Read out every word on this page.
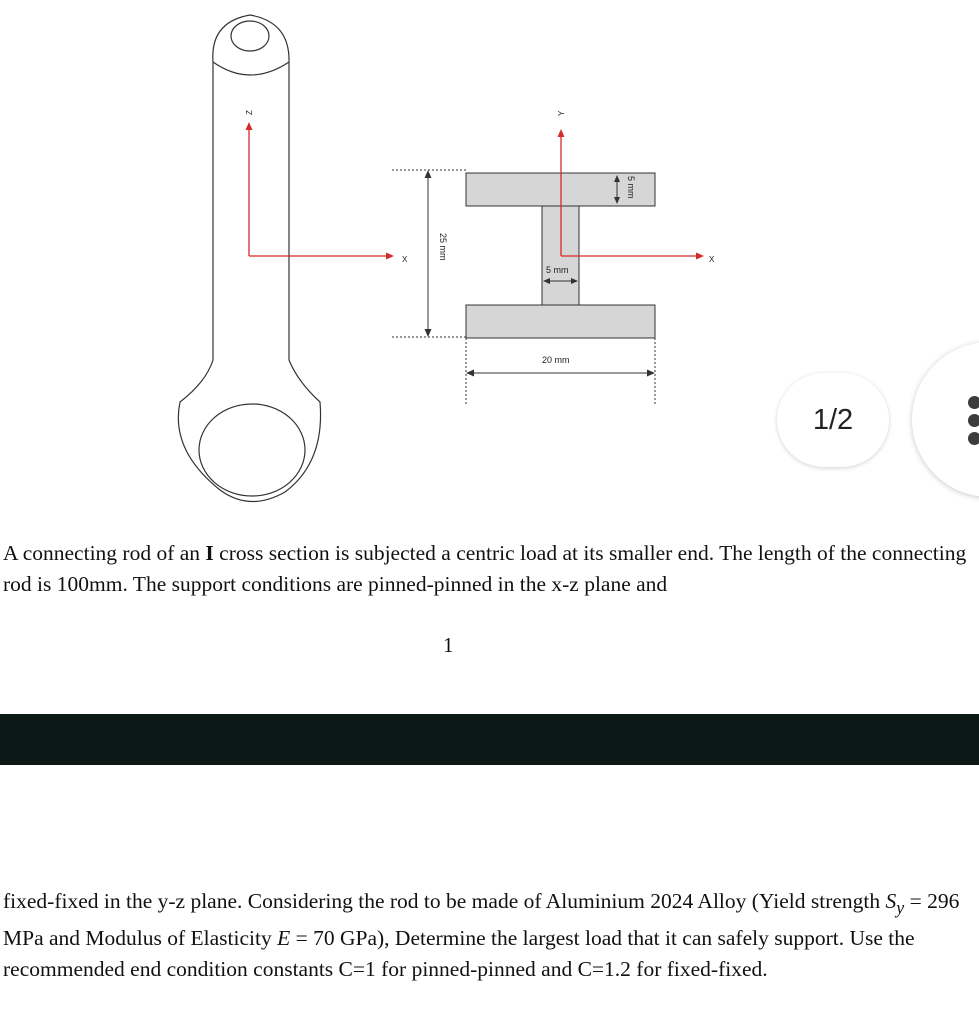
Z
X
Y
X
25 mm
5 mm
5 mm
20 mm
1/2

A connecting rod of an I cross section is subjected a centric load at its smaller end. The length of the connecting rod is 100mm. The support conditions are pinned-pinned in the x-z plane and

1

fixed-fixed in the y-z plane. Considering the rod to be made of Aluminium 2024 Alloy (Yield strength $S_y = 296$ MPa and Modulus of Elasticity E = 70 GPa), Determine the largest load that it can safely support. Use the recommended end condition constants C=1 for pinned-pinned and C=1.2 for fixed-fixed.
